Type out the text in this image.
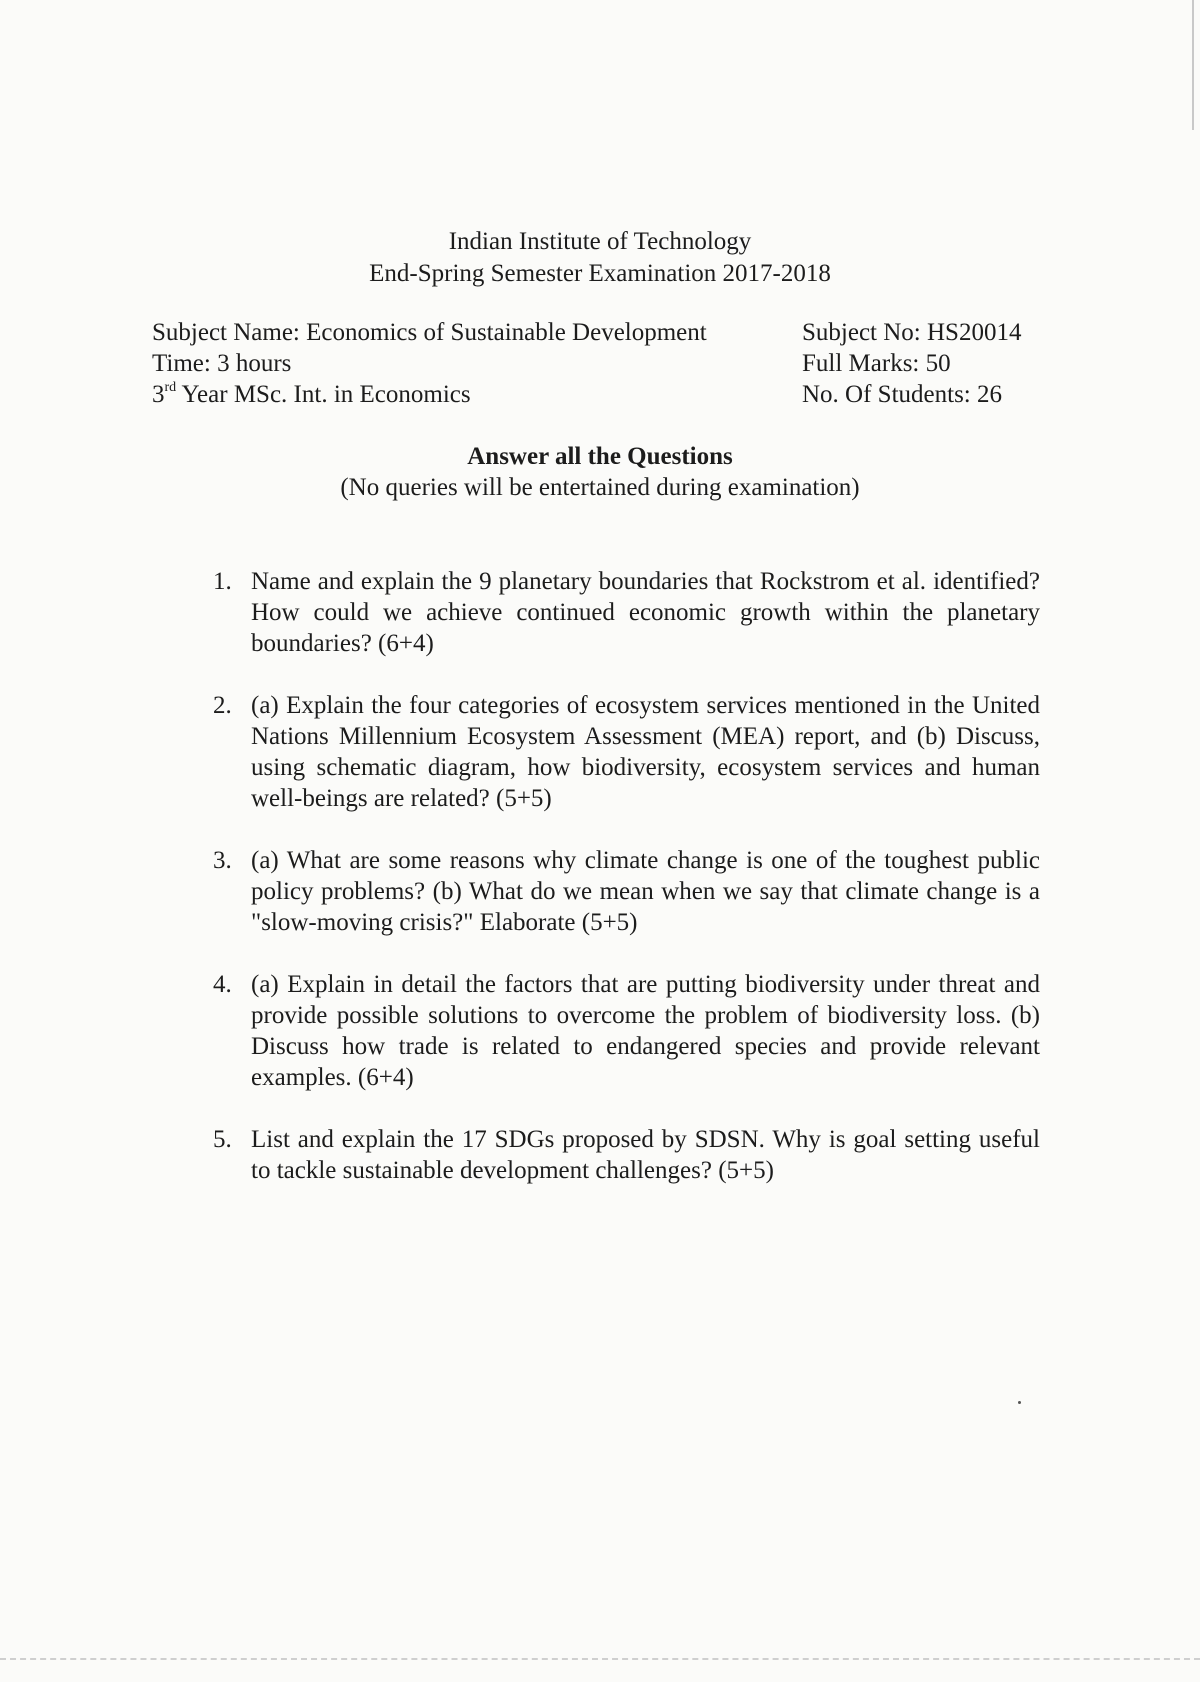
Indian Institute of Technology
End-Spring Semester Examination 2017-2018
Subject Name: Economics of Sustainable Development
Time: 3 hours
3rd Year MSc. Int. in Economics
Subject No: HS20014
Full Marks: 50
No. Of Students: 26
Answer all the Questions
(No queries will be entertained during examination)
1. Name and explain the 9 planetary boundaries that Rockstrom et al. identified? How could we achieve continued economic growth within the planetary boundaries? (6+4)
2. (a) Explain the four categories of ecosystem services mentioned in the United Nations Millennium Ecosystem Assessment (MEA) report, and (b) Discuss, using schematic diagram, how biodiversity, ecosystem services and human well-beings are related? (5+5)
3. (a) What are some reasons why climate change is one of the toughest public policy problems? (b) What do we mean when we say that climate change is a "slow-moving crisis?" Elaborate (5+5)
4. (a) Explain in detail the factors that are putting biodiversity under threat and provide possible solutions to overcome the problem of biodiversity loss. (b) Discuss how trade is related to endangered species and provide relevant examples. (6+4)
5. List and explain the 17 SDGs proposed by SDSN. Why is goal setting useful to tackle sustainable development challenges? (5+5)
